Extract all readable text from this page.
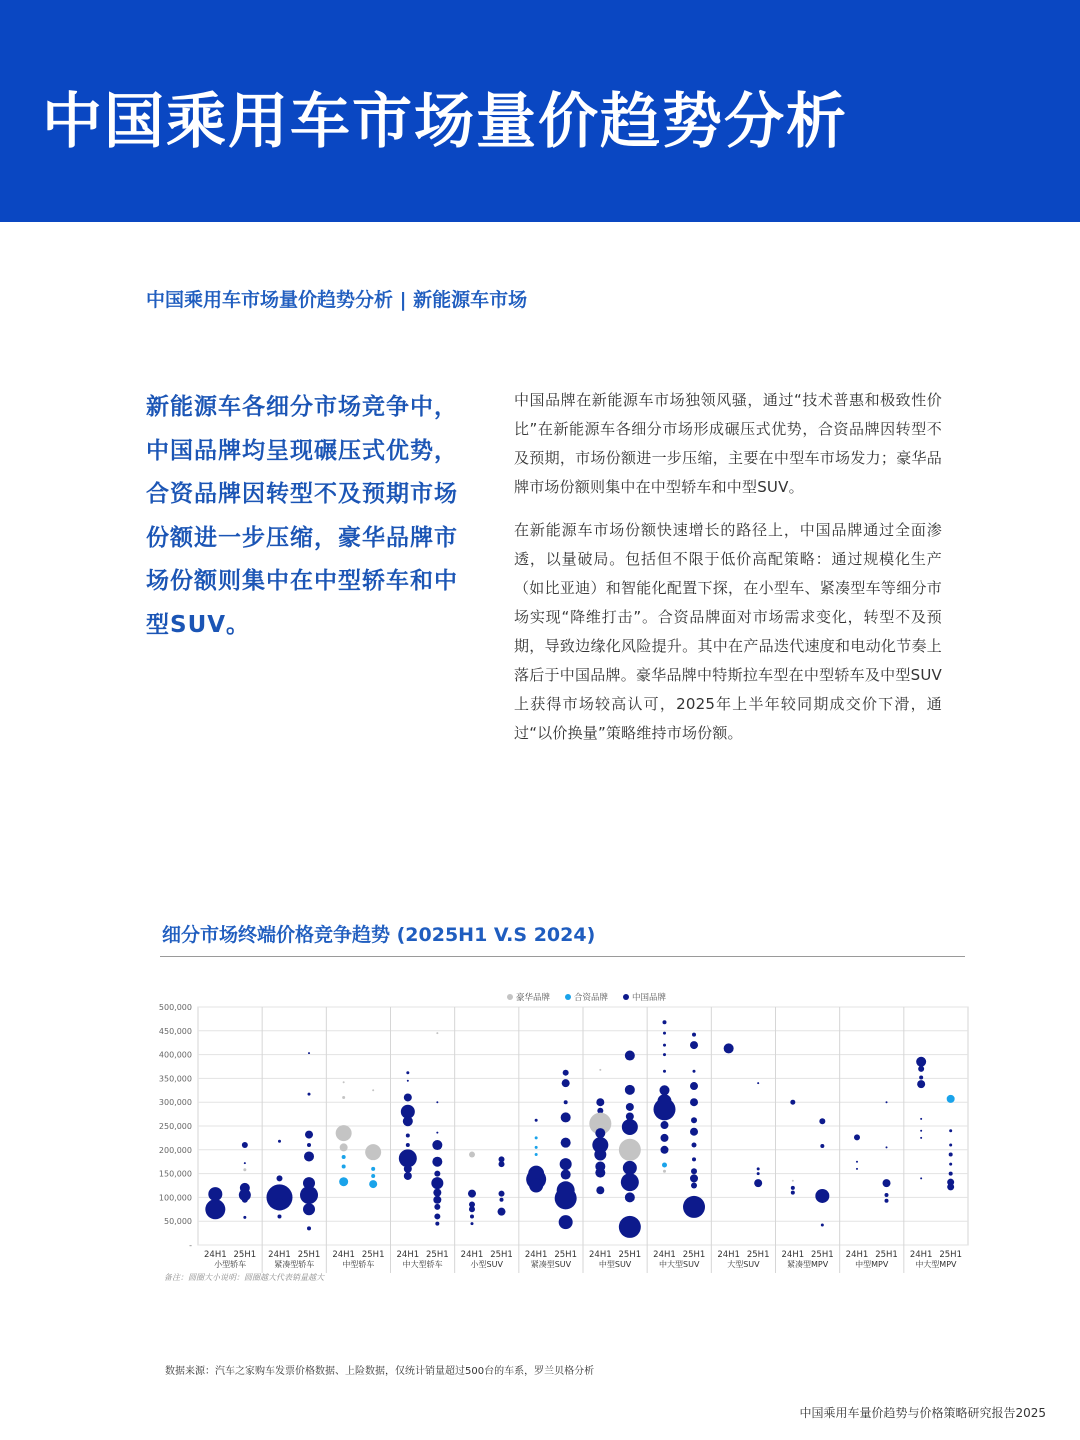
中国乘用车市场量价趋势分析

中国乘用车市场量价趋势分析 | 新能源车市场

新能源车各细分市场竞争中，中国品牌均呈现碾压式优势，合资品牌因转型不及预期市场份额进一步压缩，豪华品牌市场份额则集中在中型轿车和中型SUV。

中国品牌在新能源车市场独领风骚，通过“技术普惠和极致性价比”在新能源车各细分市场形成碾压式优势，合资品牌因转型不及预期，市场份额进一步压缩，主要在中型车市场发力；豪华品牌市场份额则集中在中型轿车和中型SUV。

在新能源车市场份额快速增长的路径上，中国品牌通过全面渗透，以量破局。包括但不限于低价高配策略：通过规模化生产（如比亚迪）和智能化配置下探，在小型车、紧凑型车等细分市场实现“降维打击”。合资品牌面对市场需求变化，转型不及预期，导致边缘化风险提升。其中在产品迭代速度和电动化节奏上落后于中国品牌。豪华品牌中特斯拉车型在中型轿车及中型SUV上获得市场较高认可，2025年上半年较同期成交价下滑，通过“以价换量”策略维持市场份额。

细分市场终端价格竞争趋势 (2025H1 V.S 2024)

-
50,000
100,000
150,000
200,000
250,000
300,000
350,000
400,000
450,000
500,000
24H1 25H1
小型轿车
24H1 25H1
紧凑型轿车
24H1 25H1
中型轿车
24H1 25H1
中大型轿车
24H1 25H1
小型SUV
24H1 25H1
紧凑型SUV
24H1 25H1
中型SUV
24H1 25H1
中大型SUV
24H1 25H1
大型SUV
24H1 25H1
紧凑型MPV
24H1 25H1
中型MPV
24H1 25H1
中大型MPV
豪华品牌	合资品牌	中国品牌
备注：圆圈大小说明：圆圈越大代表销量越大

数据来源：汽车之家购车发票价格数据、上险数据，仅统计销量超过500台的车系，罗兰贝格分析

中国乘用车量价趋势与价格策略研究报告2025
